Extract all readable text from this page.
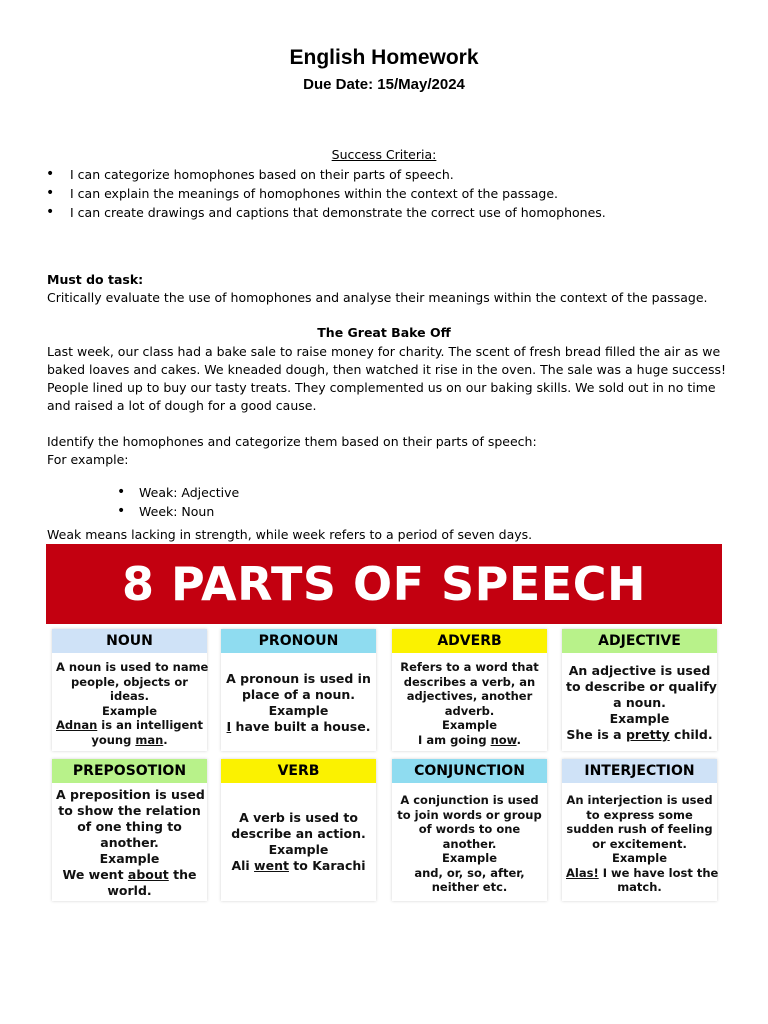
English Homework
Due Date: 15/May/2024
Success Criteria:
• I can categorize homophones based on their parts of speech.
• I can explain the meanings of homophones within the context of the passage.
• I can create drawings and captions that demonstrate the correct use of homophones.
Must do task:
Critically evaluate the use of homophones and analyse their meanings within the context of the passage.
The Great Bake Off
Last week, our class had a bake sale to raise money for charity. The scent of fresh bread filled the air as we
baked loaves and cakes. We kneaded dough, then watched it rise in the oven. The sale was a huge success!
People lined up to buy our tasty treats. They complemented us on our baking skills. We sold out in no time
and raised a lot of dough for a good cause.
Identify the homophones and categorize them based on their parts of speech:
For example:
• Weak: Adjective
• Week: Noun
Weak means lacking in strength, while week refers to a period of seven days.
8 PARTS OF SPEECH
NOUN
A noun is used to name
people, objects or
ideas.
Example
Adnan is an intelligent
young man.
PRONOUN
A pronoun is used in
place of a noun.
Example
I have built a house.
ADVERB
Refers to a word that
describes a verb, an
adjectives, another
adverb.
Example
I am going now.
ADJECTIVE
An adjective is used
to describe or qualify
a noun.
Example
She is a pretty child.
PREPOSOTION
A preposition is used
to show the relation
of one thing to
another.
Example
We went about the
world.
VERB
A verb is used to
describe an action.
Example
Ali went to Karachi
CONJUNCTION
A conjunction is used
to join words or group
of words to one
another.
Example
and, or, so, after,
neither etc.
INTERJECTION
An interjection is used
to express some
sudden rush of feeling
or excitement.
Example
Alas! I we have lost the
match.
